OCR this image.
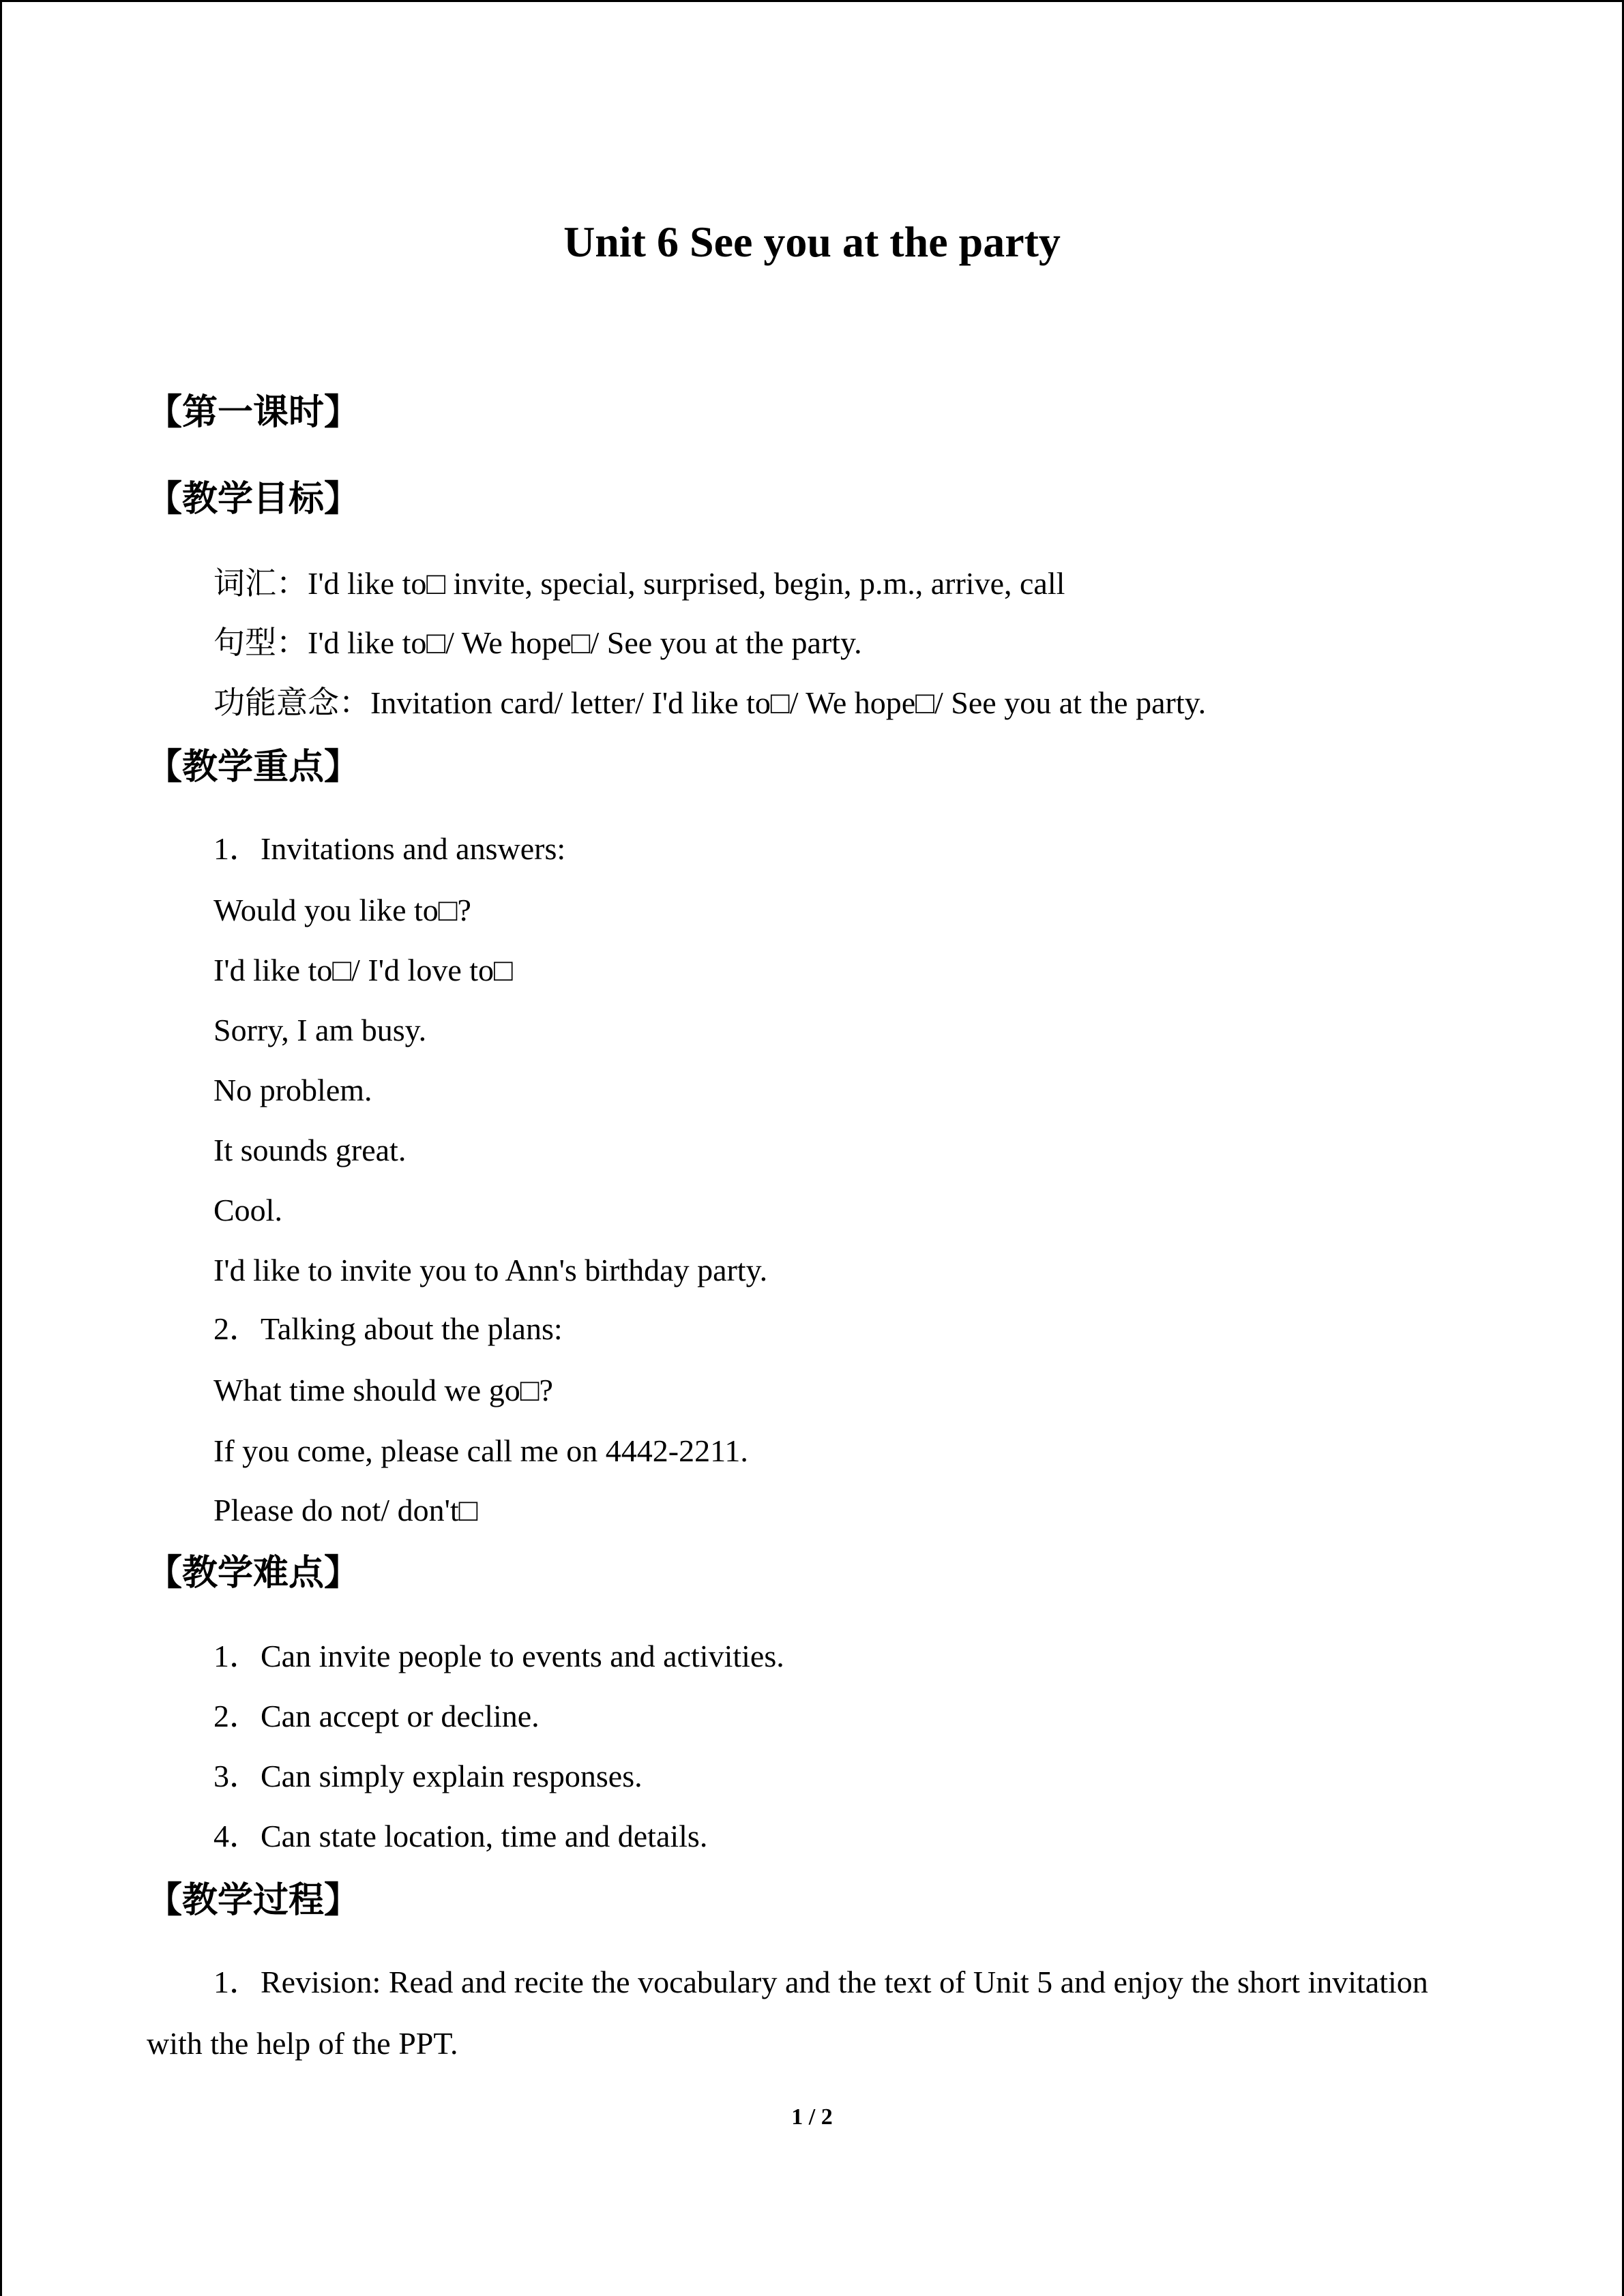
Unit 6 See you at the party
【第一课时】
【教学目标】
词汇：I'd like to□ invite, special, surprised, begin, p.m., arrive, call
句型：I'd like to□/ We hope□/ See you at the party.
功能意念：Invitation card/ letter/ I'd like to□/ We hope□/ See you at the party.
【教学重点】
1．Invitations and answers:
Would you like to□?
I'd like to□/ I'd love to□
Sorry, I am busy.
No problem.
It sounds great.
Cool.
I'd like to invite you to Ann's birthday party.
2．Talking about the plans:
What time should we go□?
If you come, please call me on 4442-2211.
Please do not/ don't□
【教学难点】
1．Can invite people to events and activities.
2．Can accept or decline.
3．Can simply explain responses.
4．Can state location, time and details.
【教学过程】
1．Revision: Read and recite the vocabulary and the text of Unit 5 and enjoy the short invitation with the help of the PPT.
1 / 2
